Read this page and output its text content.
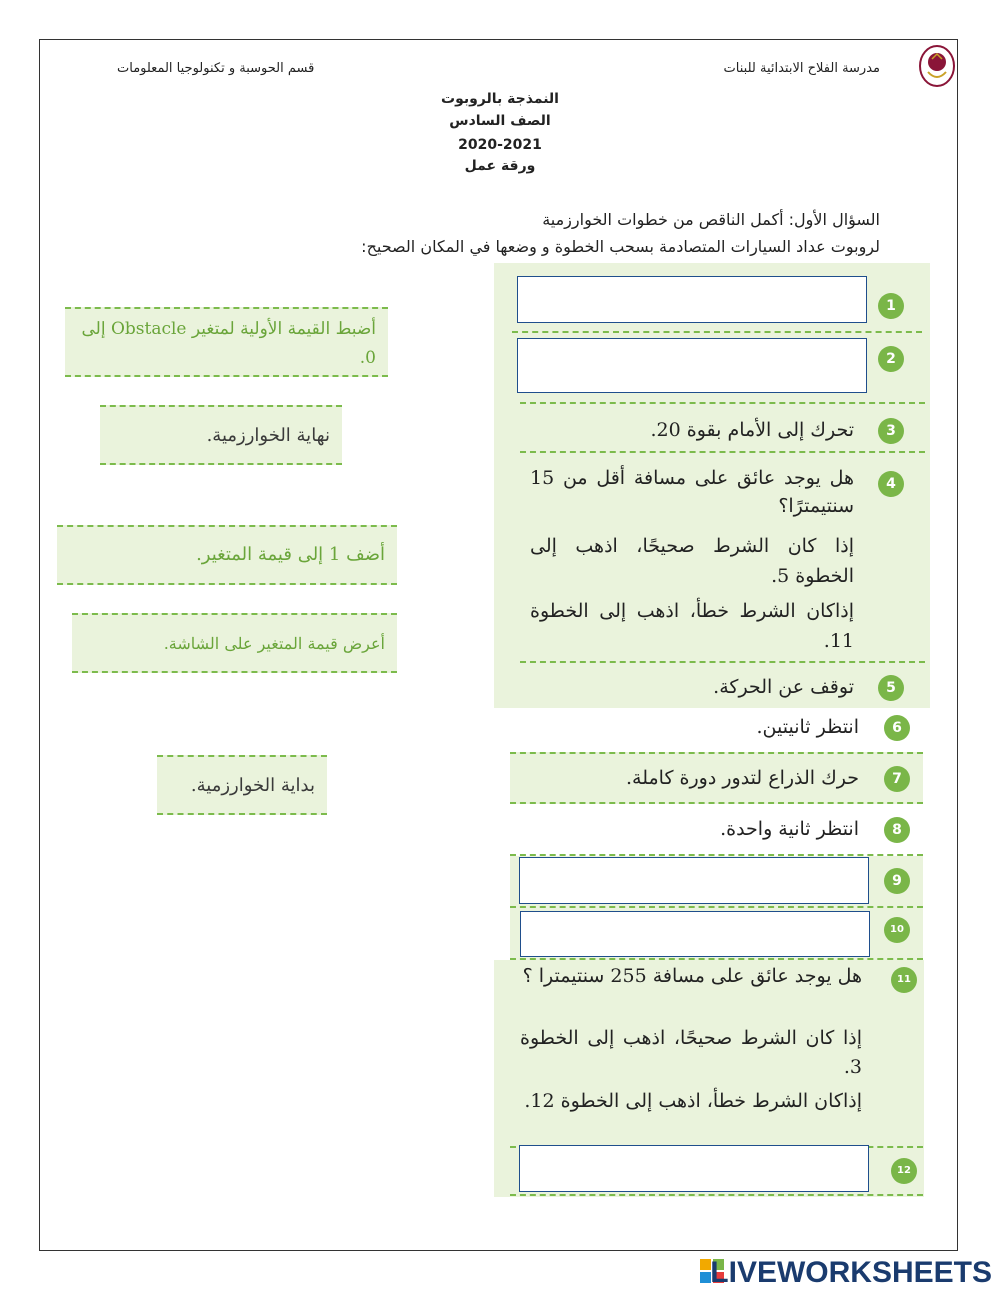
مدرسة الفلاح الابتدائية للبنات
قسم الحوسبة و تكنولوجيا المعلومات
النمذجة بالروبوت
الصف السادس
2020-2021
ورقة عمل
السؤال الأول: أكمل الناقص من خطوات الخوارزمية
لروبوت عداد السيارات المتصادمة بسحب الخطوة و وضعها في المكان الصحيح:
1
2
3
4
5
6
7
8
9
10
11
12
تحرك إلى الأمام بقوة 20.
هل يوجد عائق على مسافة أقل من 15 سنتيمترًا؟
إذا كان الشرط صحيحًا، اذهب إلى الخطوة 5.
إذاكان الشرط خطأ، اذهب إلى الخطوة 11.
توقف عن الحركة.
انتظر ثانيتين.
حرك الذراع لتدور دورة كاملة.
انتظر ثانية واحدة.
هل يوجد عائق على مسافة 255 سنتيمترا ؟
إذا كان الشرط صحيحًا، اذهب إلى الخطوة 3.
إذاكان الشرط خطأ، اذهب إلى الخطوة 12.
أضبط القيمة الأولية لمتغير Obstacle إلى 0.
نهاية الخوارزمية.
أضف 1 إلى قيمة المتغير.
أعرض قيمة المتغير على الشاشة.
بداية الخوارزمية.
LIVEWORKSHEETS
